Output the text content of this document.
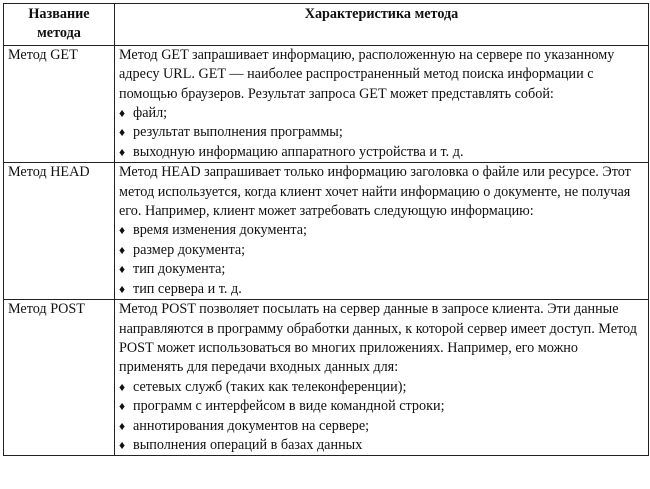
Название метода	Характеристика метода
Метод GET	Метод GET запрашивает информацию, расположенную на сервере по указанному адресу URL. GET — наиболее распространенный метод поиска информации с помощью браузеров. Результат запроса GET может представлять собой:
♦ файл;
♦ результат выполнения программы;
♦ выходную информацию аппаратного устройства и т. д.

Метод HEAD	Метод HEAD запрашивает только информацию заголовка о файле или ресурсе. Этот метод используется, когда клиент хочет найти информацию о документе, не получая его. Например, клиент может затребовать следующую информацию:
♦ время изменения документа;
♦ размер документа;
♦ тип документа;
♦ тип сервера и т. д.

Метод POST	Метод POST позволяет посылать на сервер данные в запросе клиента. Эти данные направляются в программу обработки данных, к которой сервер имеет доступ. Метод POST может использоваться во многих приложениях. Например, его можно применять для передачи входных данных для:
♦ сетевых служб (таких как телеконференции);
♦ программ с интерфейсом в виде командной строки;
♦ аннотирования документов на сервере;
♦ выполнения операций в базах данных
